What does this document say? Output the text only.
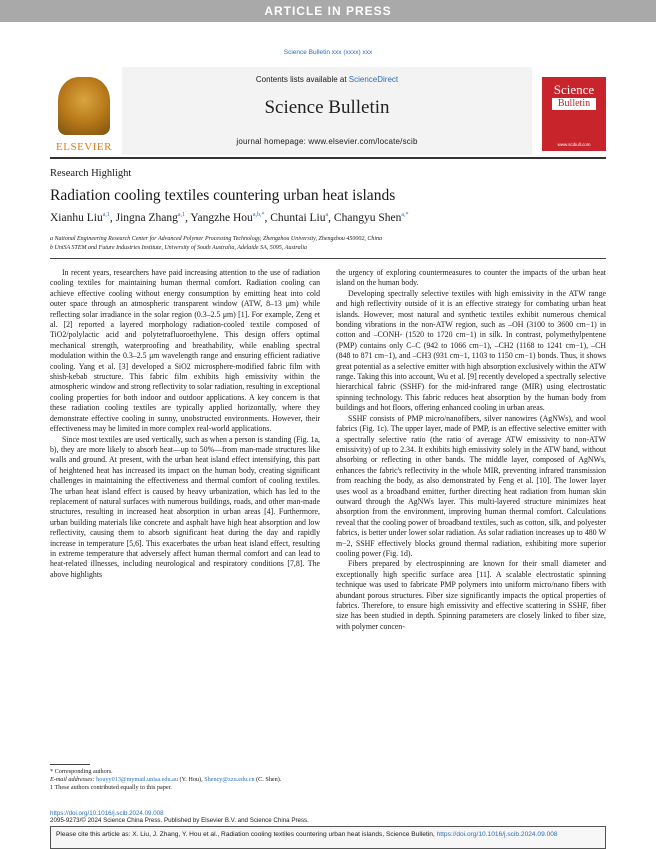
ARTICLE IN PRESS
Science Bulletin xxx (xxxx) xxx
ELSEVIER
Contents lists available at ScienceDirect
Science Bulletin
journal homepage: www.elsevier.com/locate/scib
Science
Bulletin
www.scibull.com
Research Highlight
Radiation cooling textiles countering urban heat islands
Xianhu Liu$^{a,1}$, Jingna Zhang$^{a,1}$, Yangzhe Hou$^{a,b,*}$, Chuntai Liu$^a$, Changyu Shen$^{a,*}$
a National Engineering Research Center for Advanced Polymer Processing Technology, Zhengzhou University, Zhengzhou 450002, China
b UniSA STEM and Future Industries Institute, University of South Australia, Adelaide SA, 5095, Australia

In recent years, researchers have paid increasing attention to the use of radiation cooling textiles for maintaining human thermal comfort. Radiation cooling can achieve effective cooling without energy consumption by emitting heat into cold outer space through an atmospheric transparent window (ATW, 8–13 μm) while reflecting solar irradiance in the solar region (0.3–2.5 μm) [1]. For example, Zeng et al. [2] reported a layered morphology radiation-cooled textile composed of TiO2/polylactic acid and polytetrafluoroethylene. This design offers optimal mechanical strength, waterproofing and breathability, while enabling spectral modulation within the 0.3–2.5 μm wavelength range and ensuring efficient radiative cooling. Yang et al. [3] developed a SiO2 microsphere-modified fabric film with shish-kebab structure. This fabric film exhibits high emissivity within the atmospheric window and strong reflectivity to solar radiation, resulting in exceptional cooling properties for both indoor and outdoor applications. A key concern is that these radiation cooling textiles are typically applied horizontally, where they demonstrate effective cooling in sunny, unobstructed environments. However, their effectiveness may be limited in more complex real-world applications.

Since most textiles are used vertically, such as when a person is standing (Fig. 1a, b), they are more likely to absorb heat—up to 50%—from man-made structures like walls and ground. At present, with the urban heat island effect intensifying, this part of heightened heat has increased its impact on the human body, creating significant challenges in maintaining the effectiveness and thermal comfort of cooling textiles. The urban heat island effect is caused by heavy urbanization, which has led to the replacement of natural surfaces with numerous buildings, roads, and other man-made structures, resulting in increased heat absorption in urban areas [4]. Furthermore, urban building materials like concrete and asphalt have high heat absorption and low reflectivity, causing them to absorb significant heat during the day and rapidly increase in temperature [5,6]. This exacerbates the urban heat island effect, resulting in extreme temperature that adversely affect human thermal comfort and can lead to heat-related illnesses, including neurological and respiratory conditions [7,8]. The above highlights

the urgency of exploring countermeasures to counter the impacts of the urban heat island on the human body.

Developing spectrally selective textiles with high emissivity in the ATW range and high reflectivity outside of it is an effective strategy for combating urban heat islands. However, most natural and synthetic textiles exhibit numerous chemical bonding vibrations in the non-ATW region, such as –OH (3100 to 3600 cm−1) in cotton and –CONH- (1520 to 1720 cm−1) in silk. In contrast, polymethylpentene (PMP) contains only C–C (942 to 1066 cm−1), –CH2 (1168 to 1241 cm−1), –CH (848 to 871 cm−1), and –CH3 (931 cm−1, 1103 to 1150 cm−1) bonds. Thus, it shows great potential as a selective emitter with high absorption exclusively within the ATW range. Taking this into account, Wu et al. [9] recently developed a spectrally selective hierarchical fabric (SSHF) for the mid-infrared range (MIR) using electrostatic spinning technology. This fabric reduces heat absorption by the human body from buildings and hot floors, offering enhanced cooling in urban areas.

SSHF consists of PMP micro/nanofibers, silver nanowires (AgNWs), and wool fabrics (Fig. 1c). The upper layer, made of PMP, is an effective selective emitter with a spectrally selective ratio (the ratio of average ATW emissivity to non-ATW emissivity) of up to 2.34. It exhibits high emissivity solely in the ATW band, without absorbing or reflecting in other bands. The middle layer, composed of AgNWs, enhances the fabric's reflectivity in the whole MIR, preventing infrared transmission from reaching the body, as also demonstrated by Feng et al. [10]. The lower layer uses wool as a broadband emitter, further directing heat radiation from human skin outward through the AgNWs layer. This multi-layered structure minimizes heat absorption from the environment, improving human thermal comfort. Calculations reveal that the cooling power of broadband textiles, such as cotton, silk, and polyester fabrics, is better under lower solar radiation. As solar radiation increases up to 480 W m−2, SSHF effectively blocks ground thermal radiation, exhibiting more superior cooling power (Fig. 1d).

Fibers prepared by electrospinning are known for their small diameter and exceptionally high specific surface area [11]. A scalable electrostatic spinning technique was used to fabricate PMP polymers into uniform micro/nano fibers with abundant porous structures. Fiber size significantly impacts the optical properties of fabrics. Therefore, to ensure high emissivity and effective scattering in SSHF, fiber size has been studied in depth. Spinning parameters are closely linked to fiber size, with polymer concen-

* Corresponding authors.
E-mail addresses: houyy013@mymail.unisa.edu.au (Y. Hou), Shency@zzu.edu.cn (C. Shen).
1 These authors contributed equally to this paper.
https://doi.org/10.1016/j.scib.2024.09.008
2095-9273/© 2024 Science China Press. Published by Elsevier B.V. and Science China Press.
Please cite this article as: X. Liu, J. Zhang, Y. Hou et al., Radiation cooling textiles countering urban heat islands, Science Bulletin, https://doi.org/10.1016/j.scib.2024.09.008
